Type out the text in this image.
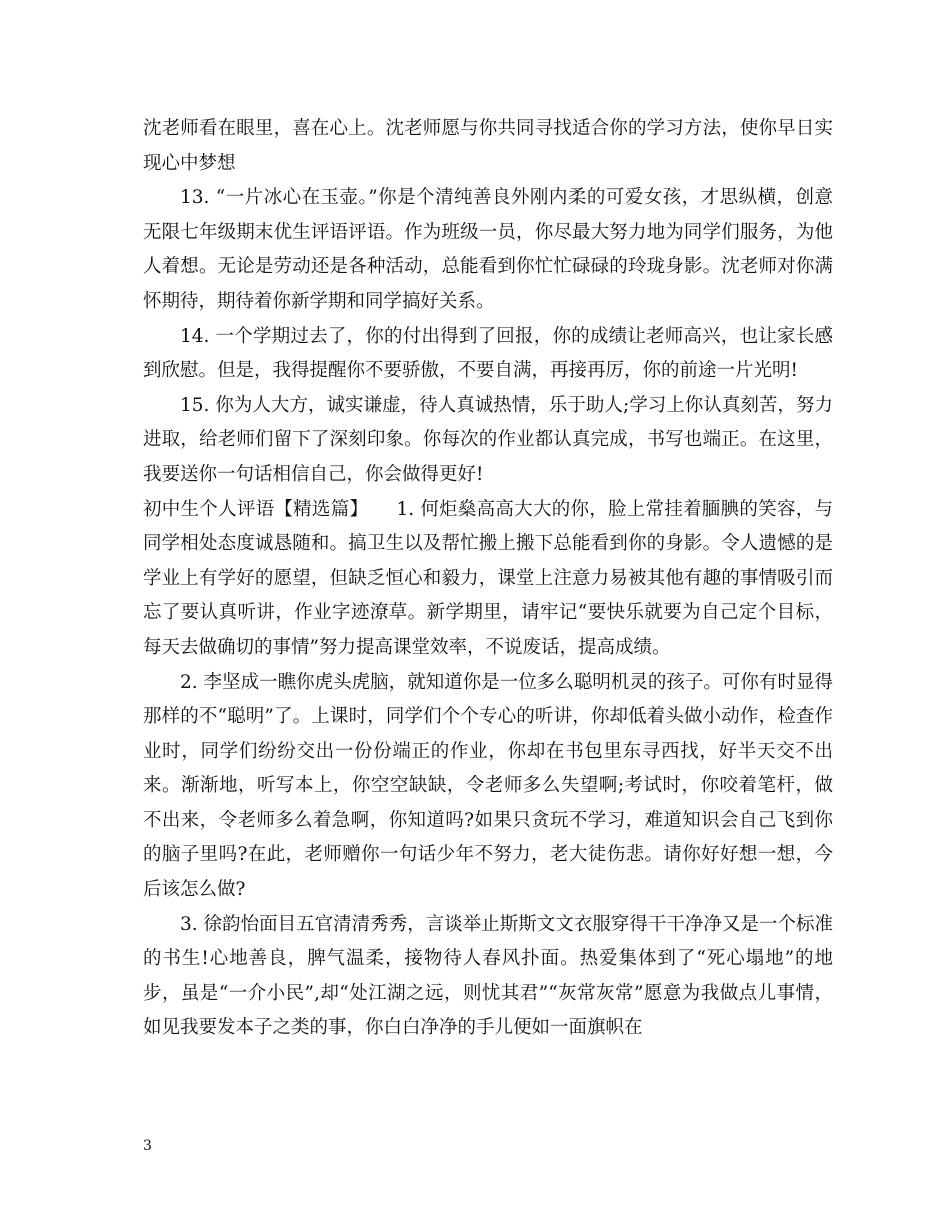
沈老师看在眼里，喜在心上。沈老师愿与你共同寻找适合你的学习方法，使你早日实现心中梦想

13. “一片冰心在玉壶。”你是个清纯善良外刚内柔的可爱女孩，才思纵横，创意无限七年级期末优生评语评语。作为班级一员，你尽最大努力地为同学们服务，为他人着想。无论是劳动还是各种活动，总能看到你忙忙碌碌的玲珑身影。沈老师对你满怀期待，期待着你新学期和同学搞好关系。

14. 一个学期过去了，你的付出得到了回报，你的成绩让老师高兴，也让家长感到欣慰。但是，我得提醒你不要骄傲，不要自满，再接再厉，你的前途一片光明!

15. 你为人大方，诚实谦虚，待人真诚热情，乐于助人;学习上你认真刻苦，努力进取，给老师们留下了深刻印象。你每次的作业都认真完成，书写也端正。在这里，我要送你一句话相信自己，你会做得更好!

初中生个人评语【精选篇】　　1. 何炬燊高高大大的你，脸上常挂着腼腆的笑容，与同学相处态度诚恳随和。搞卫生以及帮忙搬上搬下总能看到你的身影。令人遗憾的是学业上有学好的愿望，但缺乏恒心和毅力，课堂上注意力易被其他有趣的事情吸引而忘了要认真听讲，作业字迹潦草。新学期里，请牢记“要快乐就要为自己定个目标，每天去做确切的事情”努力提高课堂效率，不说废话，提高成绩。

2. 李坚成一瞧你虎头虎脑，就知道你是一位多么聪明机灵的孩子。可你有时显得那样的不“聪明”了。上课时，同学们个个专心的听讲，你却低着头做小动作，检查作业时，同学们纷纷交出一份份端正的作业，你却在书包里东寻西找，好半天交不出来。渐渐地，听写本上，你空空缺缺，令老师多么失望啊;考试时，你咬着笔杆，做不出来，令老师多么着急啊，你知道吗?如果只贪玩不学习，难道知识会自己飞到你的脑子里吗?在此，老师赠你一句话少年不努力，老大徒伤悲。请你好好想一想，今后该怎么做?

3. 徐韵怡面目五官清清秀秀，言谈举止斯斯文文衣服穿得干干净净又是一个标准的书生!心地善良，脾气温柔，接物待人春风扑面。热爱集体到了“死心塌地”的地步，虽是“一介小民”,却“处江湖之远，则忧其君”“灰常灰常”愿意为我做点儿事情，如见我要发本子之类的事，你白白净净的手儿便如一面旗帜在

3
